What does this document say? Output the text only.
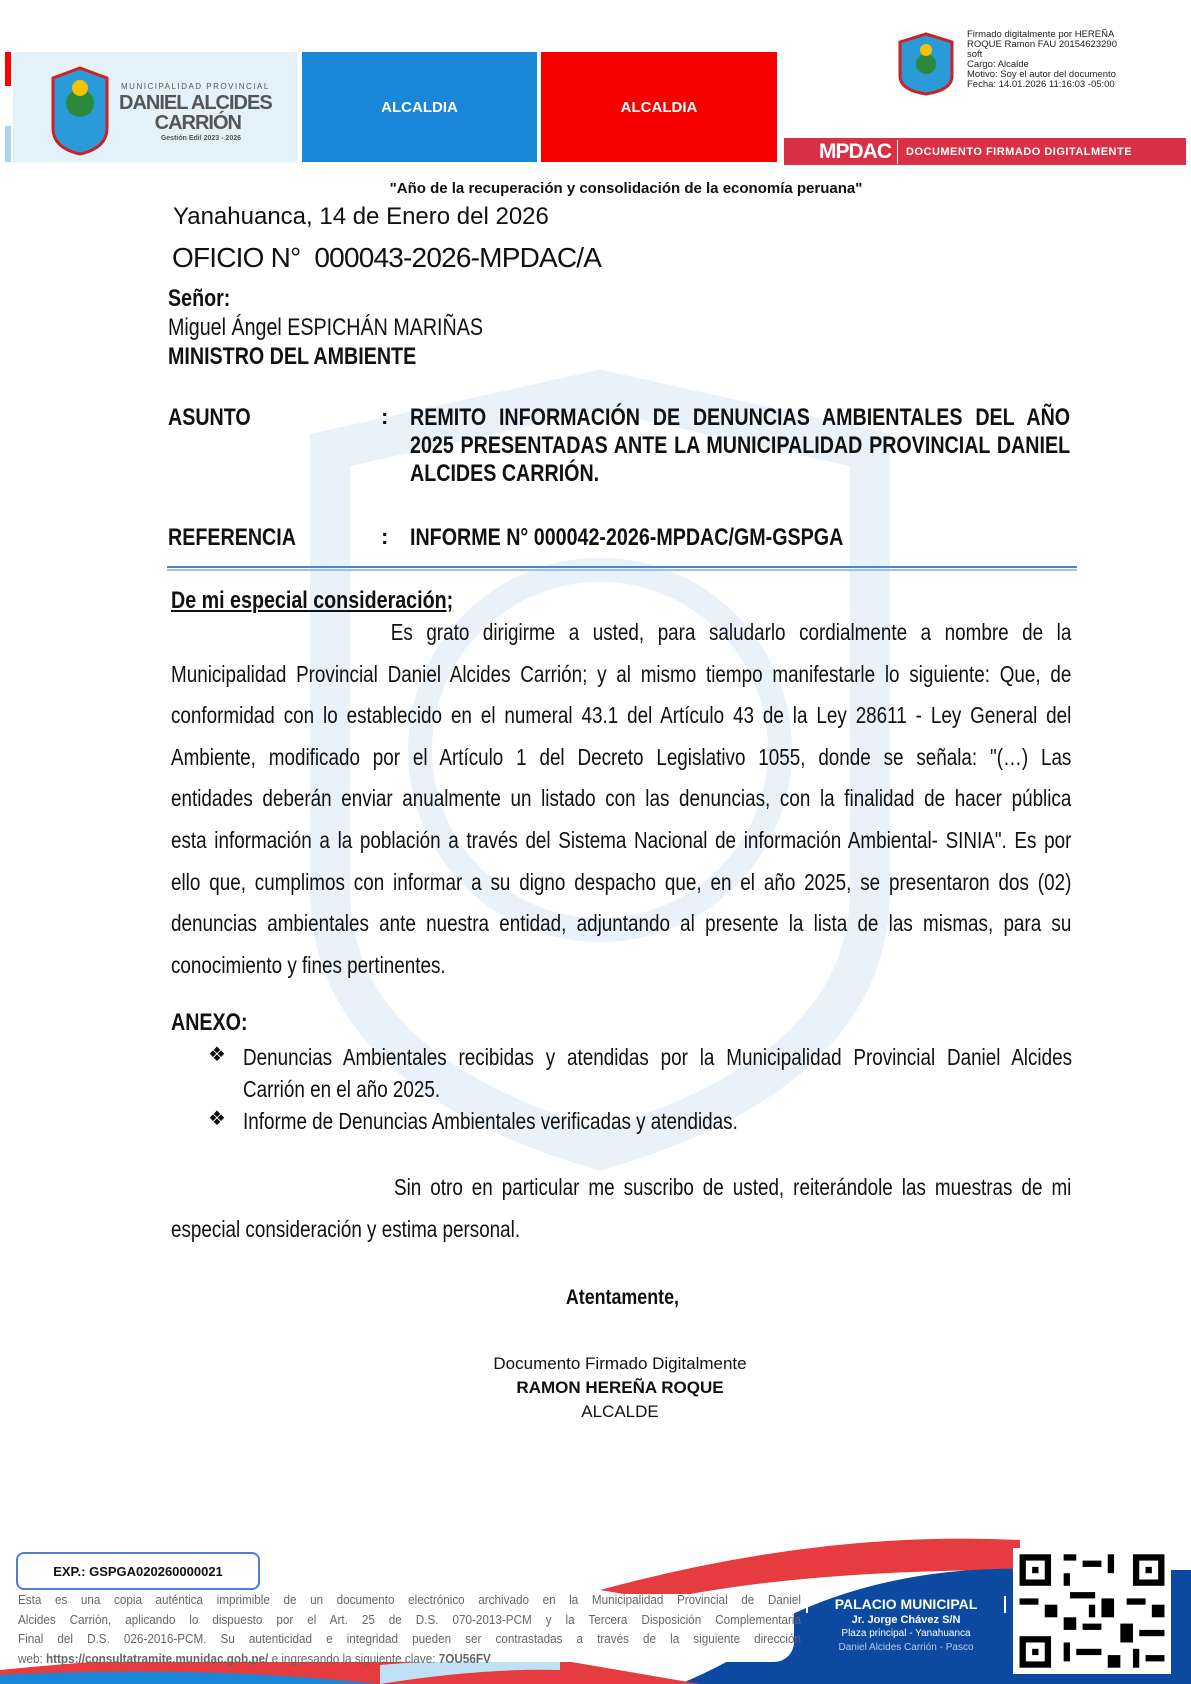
MUNICIPALIDAD PROVINCIAL
DANIEL ALCIDES
CARRIÓN
Gestión Edil 2023 - 2026
ALCALDIA	ALCALDIA
Firmado digitalmente por HEREÑA
ROQUE Ramon FAU 20154623290
soft
Cargo: Alcalde
Motivo: Soy el autor del documento
Fecha: 14.01.2026 11:16:03 -05:00
MPDAC	DOCUMENTO FIRMADO DIGITALMENTE
"Año de la recuperación y consolidación de la economía peruana"
Yanahuanca, 14 de Enero del 2026
OFICIO N°  000043-2026-MPDAC/A
Señor:
Miguel Ángel ESPICHÁN MARIÑAS
MINISTRO DEL AMBIENTE
ASUNTO	: REMITO INFORMACIÓN DE DENUNCIAS AMBIENTALES DEL AÑO
2025 PRESENTADAS ANTE LA MUNICIPALIDAD PROVINCIAL DANIEL
ALCIDES CARRIÓN.
REFERENCIA	: INFORME N° 000042-2026-MPDAC/GM-GSPGA
De mi especial consideración;
Es grato dirigirme a usted, para saludarlo cordialmente a nombre de la
Municipalidad Provincial Daniel Alcides Carrión; y al mismo tiempo manifestarle lo siguiente: Que, de
conformidad con lo establecido en el numeral 43.1 del Artículo 43 de la Ley 28611 - Ley General del
Ambiente, modificado por el Artículo 1 del Decreto Legislativo 1055, donde se señala: "(…) Las
entidades deberán enviar anualmente un listado con las denuncias, con la finalidad de hacer pública
esta información a la población a través del Sistema Nacional de información Ambiental- SINIA". Es por
ello que, cumplimos con informar a su digno despacho que, en el año 2025, se presentaron dos (02)
denuncias ambientales ante nuestra entidad, adjuntando al presente la lista de las mismas, para su
conocimiento y fines pertinentes.
ANEXO:
❖ Denuncias Ambientales recibidas y atendidas por la Municipalidad Provincial Daniel Alcides
Carrión en el año 2025.
❖ Informe de Denuncias Ambientales verificadas y atendidas.
Sin otro en particular me suscribo de usted, reiterándole las muestras de mi
especial consideración y estima personal.
Atentamente,
Documento Firmado Digitalmente
RAMON HEREÑA ROQUE
ALCALDE
EXP.: GSPGA020260000021
Esta es una copia auténtica imprimible de un documento electrónico archivado en la Municipalidad Provincial de Daniel
Alcides Carrión, aplicando lo dispuesto por el Art. 25 de D.S. 070-2013-PCM y la Tercera Disposición Complementaria
Final del D.S. 026-2016-PCM. Su autenticidad e integridad pueden ser contrastadas a través de la siguiente dirección
web: https://consultatramite.munidac.gob.pe/ e ingresando la siguiente clave: 7OU56FV
PALACIO MUNICIPAL
Jr. Jorge Chávez S/N
Plaza principal - Yanahuanca
Daniel Alcides Carrión - Pasco
